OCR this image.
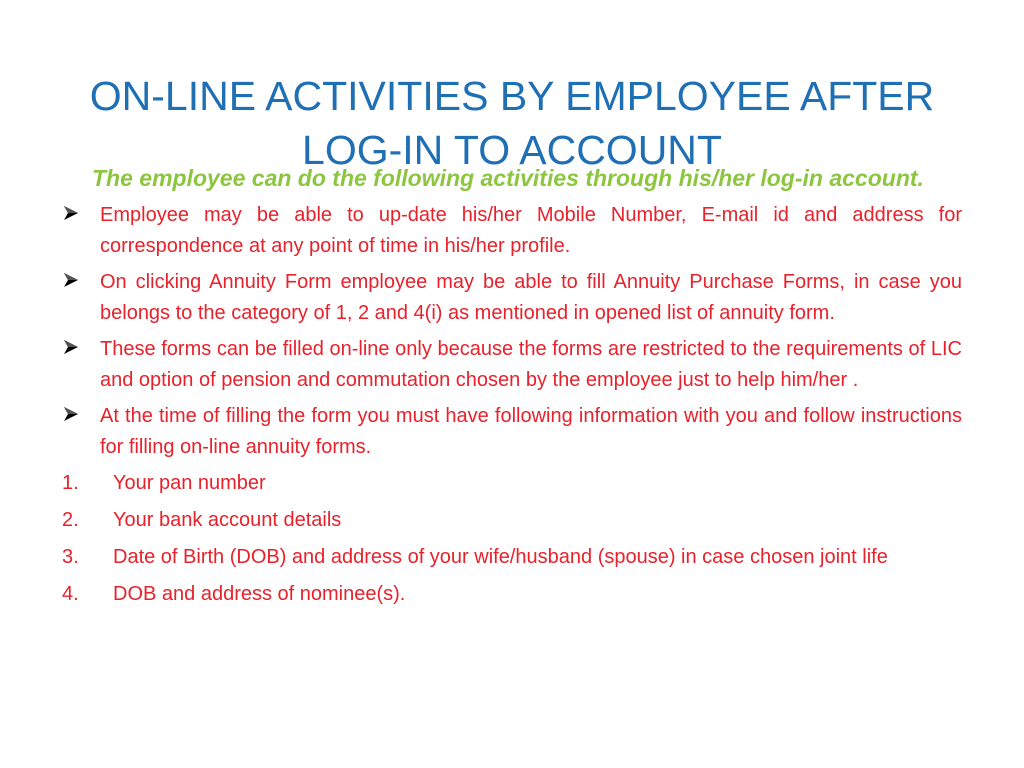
ON-LINE ACTIVITIES BY EMPLOYEE AFTER
LOG-IN TO ACCOUNT

The employee can do the following activities through his/her log-in account.

Employee may be able to up-date his/her Mobile Number, E-mail id and address for correspondence at any point of time in his/her profile.
On clicking Annuity Form employee may be able to fill Annuity Purchase Forms, in case you belongs to the category of 1, 2 and 4(i) as mentioned in opened list of annuity form.
These forms can be filled on-line only because the forms are restricted to the requirements of LIC and option of pension and commutation chosen by the employee just to help him/her .
At the time of filling the form you must have following information with you and follow instructions for filling on-line annuity forms.
1. Your pan number
2. Your bank account details
3. Date of Birth (DOB) and address of your wife/husband (spouse) in case chosen joint life
4. DOB and address of nominee(s).
